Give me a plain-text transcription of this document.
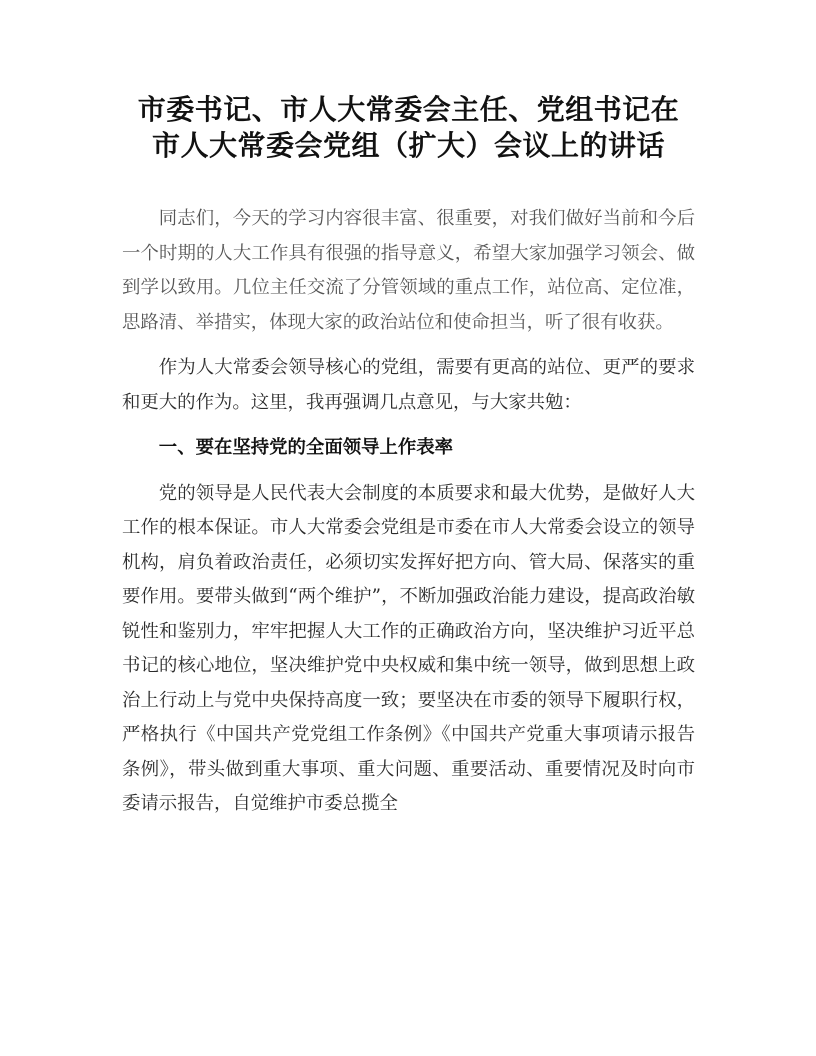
市委书记、市人大常委会主任、党组书记在
市人大常委会党组（扩大）会议上的讲话

同志们，今天的学习内容很丰富、很重要，对我们做好当前和今后一个时期的人大工作具有很强的指导意义，希望大家加强学习领会、做到学以致用。几位主任交流了分管领域的重点工作，站位高、定位准，思路清、举措实，体现大家的政治站位和使命担当，听了很有收获。

作为人大常委会领导核心的党组，需要有更高的站位、更严的要求和更大的作为。这里，我再强调几点意见，与大家共勉：

一、要在坚持党的全面领导上作表率

党的领导是人民代表大会制度的本质要求和最大优势，是做好人大工作的根本保证。市人大常委会党组是市委在市人大常委会设立的领导机构，肩负着政治责任，必须切实发挥好把方向、管大局、保落实的重要作用。要带头做到“两个维护”，不断加强政治能力建设，提高政治敏锐性和鉴别力，牢牢把握人大工作的正确政治方向，坚决维护习近平总书记的核心地位，坚决维护党中央权威和集中统一领导，做到思想上政治上行动上与党中央保持高度一致；要坚决在市委的领导下履职行权，严格执行《中国共产党党组工作条例》《中国共产党重大事项请示报告条例》，带头做到重大事项、重大问题、重要活动、重要情况及时向市委请示报告，自觉维护市委总揽全
